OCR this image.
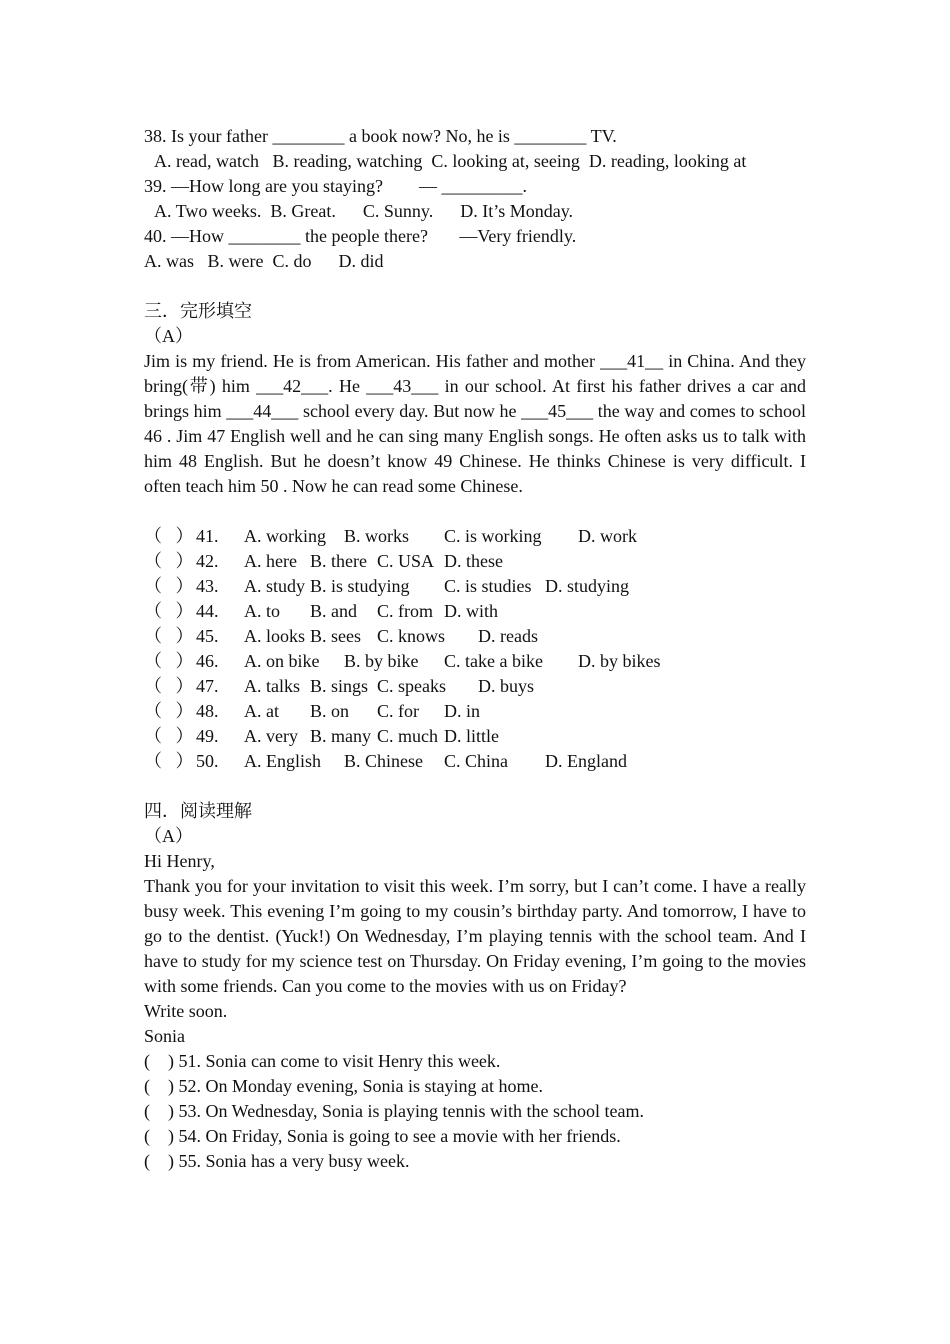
38. Is your father ________ a book now? No, he is ________ TV.
A. read, watch   B. reading, watching  C. looking at, seeing  D. reading, looking at
39. —How long are you staying?        — _________.
A. Two weeks.  B. Great.      C. Sunny.      D. It’s Monday.
40. —How ________ the people there?       —Very friendly.
A. was   B. were  C. do      D. did
三．完形填空
（A）
Jim is my friend. He is from American. His father and mother ___41__ in China. And they bring(带) him ___42___. He ___43___ in our school. At first his father drives a car and brings him ___44___ school every day. But now he ___45___ the way and comes to school 46 . Jim 47 English well and he can sing many English songs. He often asks us to talk with him 48 English. But he doesn’t know 49 Chinese. He thinks Chinese is very difficult. I often teach him 50 . Now he can read some Chinese.
（   ） 41.	A. working	B. works	C. is working	D. work
（   ） 42.	A. here B. there C. USA D. these
（   ） 43.	A. study B. is studying	C. is studies D. studying
（   ） 44.	A. to	B. and	C. from D. with
（   ） 45.	A. looks B. sees C. knows	D. reads
（   ） 46.	A. on bike	B. by bike	C. take a bike	D. by bikes
（   ） 47.	A. talks B. sings C. speaks	D. buys
（   ） 48.	A. at	B. on	C. for	D. in
（   ） 49.	A. very B. many C. much D. little
（   ） 50.	A. English	B. Chinese	C. China	D. England
四．阅读理解
（A）
Hi Henry,
Thank you for your invitation to visit this week. I’m sorry, but I can’t come. I have a really busy week. This evening I’m going to my cousin’s birthday party. And tomorrow, I have to go to the dentist. (Yuck!) On Wednesday, I’m playing tennis with the school team. And I have to study for my science test on Thursday. On Friday evening, I’m going to the movies with some friends. Can you come to the movies with us on Friday?
Write soon.
Sonia
(    ) 51. Sonia can come to visit Henry this week.
(    ) 52. On Monday evening, Sonia is staying at home.
(    ) 53. On Wednesday, Sonia is playing tennis with the school team.
(    ) 54. On Friday, Sonia is going to see a movie with her friends.
(    ) 55. Sonia has a very busy week.
